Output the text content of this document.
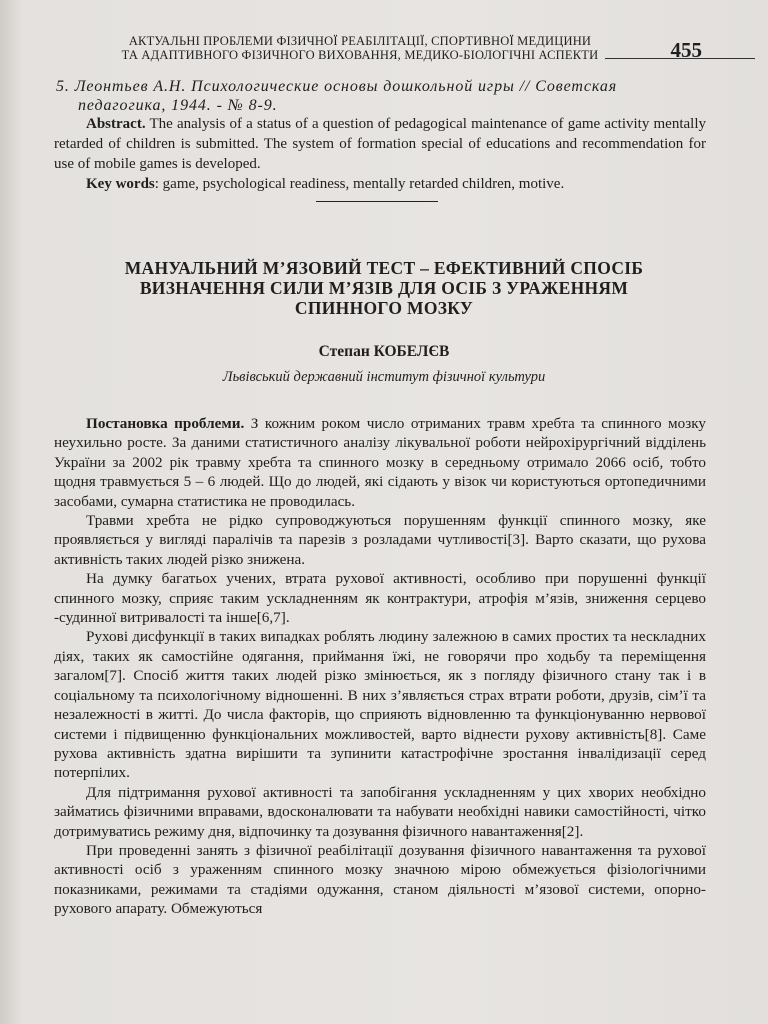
АКТУАЛЬНІ ПРОБЛЕМИ ФІЗИЧНОЇ РЕАБІЛІТАЦІЇ, СПОРТИВНОЇ МЕДИЦИНИ
ТА АДАПТИВНОГО ФІЗИЧНОГО ВИХОВАННЯ, МЕДИКО-БІОЛОГІЧНІ АСПЕКТИ	455
5. Леонтьев А.Н. Психологические основы дошкольной игры // Советская
педагогика, 1944. - № 8-9.

Abstract. The analysis of a status of a question of pedagogical maintenance of game activity mentally retarded of children is submitted. The system of formation special of educations and recommendation for use of mobile games is developed.

Key words: game, psychological readiness, mentally retarded children, motive.

МАНУАЛЬНИЙ М’ЯЗОВИЙ ТЕСТ – ЕФЕКТИВНИЙ СПОСІБ
ВИЗНАЧЕННЯ СИЛИ М’ЯЗІВ ДЛЯ ОСІБ З УРАЖЕННЯМ
СПИННОГО МОЗКУ
Степан КОБЕЛЄВ
Львівський державний інститут фізичної культури

Постановка проблеми. З кожним роком число отриманих травм хребта та спинного мозку неухильно росте. За даними статистичного аналізу лікувальної роботи нейрохірургічний відділень України за 2002 рік травму хребта та спинного мозку в середньому отримало 2066 осіб, тобто щодня травмується 5 – 6 людей. Що до людей, які сідають у візок чи користуються ортопедичними засобами, сумарна статистика не проводилась.

Травми хребта не рідко супроводжуються порушенням функції спинного мозку, яке проявляється у вигляді паралічів та парезів з розладами чутливості[3]. Варто сказати, що рухова активність таких людей різко знижена.

На думку багатьох учених, втрата рухової активності, особливо при порушенні функції спинного мозку, сприяє таким ускладненням як контрактури, атрофія м’язів, зниження серцево -судинної витривалості та інше[6,7].

Рухові дисфункції в таких випадках роблять людину залежною в самих простих та нескладних діях, таких як самостійне одягання, приймання їжі, не говорячи про ходьбу та переміщення загалом[7]. Спосіб життя таких людей різко змінюється, як з погляду фізичного стану так і в соціальному та психологічному відношенні. В них з’являється страх втрати роботи, друзів, сім’ї та незалежності в житті. До числа факторів, що сприяють відновленню та функціонуванню нервової системи і підвищенню функціональних можливостей, варто віднести рухову активність[8]. Саме рухова активність здатна вирішити та зупинити катастрофічне зростання інвалідизації серед потерпілих.

Для підтримання рухової активності та запобігання ускладненням у цих хворих необхідно займатись фізичними вправами, вдосконалювати та набувати необхідні навики самостійності, чітко дотримуватись режиму дня, відпочинку та дозування фізичного навантаження[2].

При проведенні занять з фізичної реабілітації дозування фізичного навантаження та рухової активності осіб з ураженням спинного мозку значною мірою обмежується фізіологічними показниками, режимами та стадіями одужання, станом діяльності м’язової системи, опорно-рухового апарату. Обмежуються
